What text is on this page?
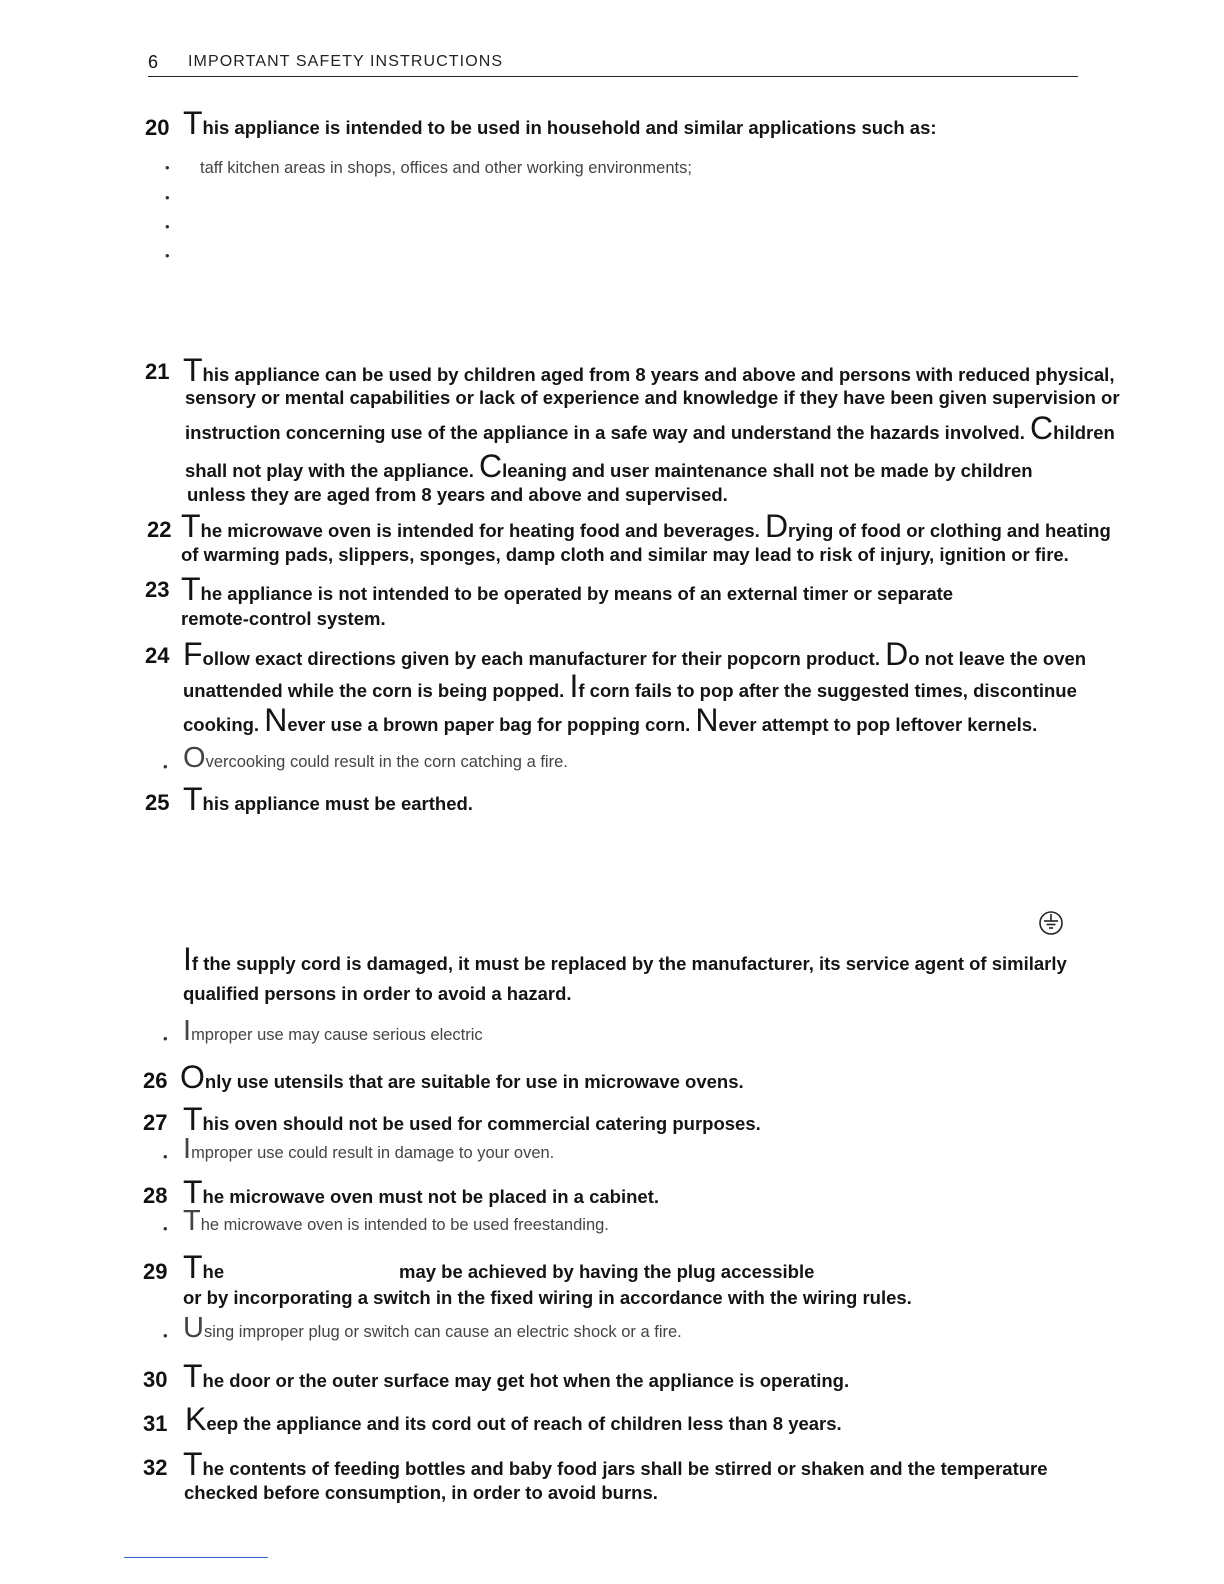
6 IMPORTANT SAFETY INSTRUCTIONS
20 This appliance is intended to be used in household and similar applications such as:
• taff kitchen areas in shops, offices and other working environments;
•
•
•
21 This appliance can be used by children aged from 8 years and above and persons with reduced physical,
sensory or mental capabilities or lack of experience and knowledge if they have been given supervision or
instruction concerning use of the appliance in a safe way and understand the hazards involved. Children
shall not play with the appliance. Cleaning and user maintenance shall not be made by children
unless they are aged from 8 years and above and supervised.
22 The microwave oven is intended for heating food and beverages. Drying of food or clothing and heating
of warming pads, slippers, sponges, damp cloth and similar may lead to risk of injury, ignition or fire.
23 The appliance is not intended to be operated by means of an external timer or separate
remote-control system.
24 Follow exact directions given by each manufacturer for their popcorn product. Do not leave the oven
unattended while the corn is being popped. If corn fails to pop after the suggested times, discontinue
cooking. Never use a brown paper bag for popping corn. Never attempt to pop leftover kernels.
• Overcooking could result in the corn catching a fire.
25 This appliance must be earthed.
If the supply cord is damaged, it must be replaced by the manufacturer, its service agent of similarly
qualified persons in order to avoid a hazard.
• Improper use may cause serious electric
26 Only use utensils that are suitable for use in microwave ovens.
27 This oven should not be used for commercial catering purposes.
• Improper use could result in damage to your oven.
28 The microwave oven must not be placed in a cabinet.
• The microwave oven is intended to be used freestanding.
29 The	may be achieved by having the plug accessible
or by incorporating a switch in the fixed wiring in accordance with the wiring rules.
• Using improper plug or switch can cause an electric shock or a fire.
30 The door or the outer surface may get hot when the appliance is operating.
31 Keep the appliance and its cord out of reach of children less than 8 years.
32 The contents of feeding bottles and baby food jars shall be stirred or shaken and the temperature
checked before consumption, in order to avoid burns.
